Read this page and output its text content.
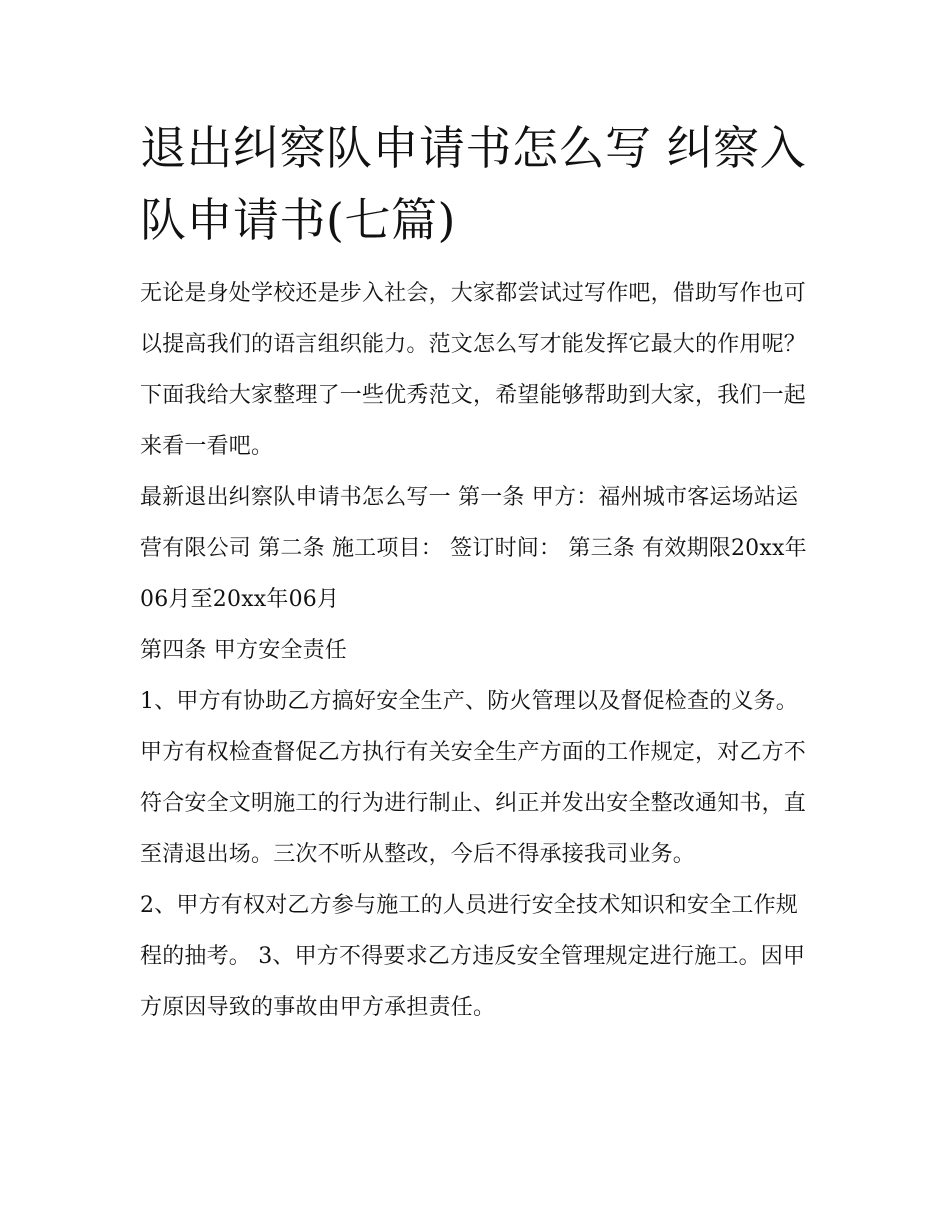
退出纠察队申请书怎么写 纠察入队申请书(七篇)

无论是身处学校还是步入社会，大家都尝试过写作吧，借助写作也可以提高我们的语言组织能力。范文怎么写才能发挥它最大的作用呢？下面我给大家整理了一些优秀范文，希望能够帮助到大家，我们一起来看一看吧。

最新退出纠察队申请书怎么写一 第一条 甲方：福州城市客运场站运营有限公司 第二条 施工项目： 签订时间： 第三条 有效期限20xx年06月至20xx年06月

第四条 甲方安全责任

1、甲方有协助乙方搞好安全生产、防火管理以及督促检查的义务。甲方有权检查督促乙方执行有关安全生产方面的工作规定，对乙方不符合安全文明施工的行为进行制止、纠正并发出安全整改通知书，直至清退出场。三次不听从整改，今后不得承接我司业务。

2、甲方有权对乙方参与施工的人员进行安全技术知识和安全工作规程的抽考。 3、甲方不得要求乙方违反安全管理规定进行施工。因甲方原因导致的事故由甲方承担责任。
